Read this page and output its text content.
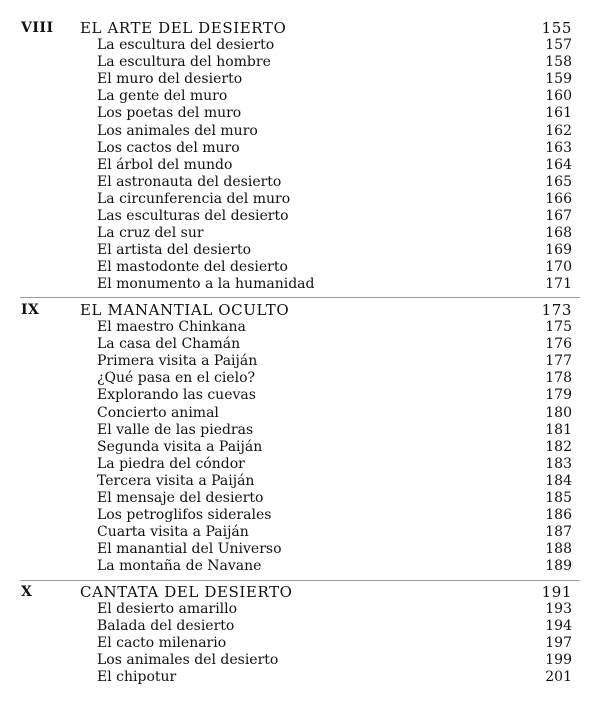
VIII EL ARTE DEL DESIERTO	155
La escultura del desierto	157
La escultura del hombre	158
El muro del desierto	159
La gente del muro	160
Los poetas del muro	161
Los animales del muro	162
Los cactos del muro	163
El árbol del mundo	164
El astronauta del desierto	165
La circunferencia del muro	166
Las esculturas del desierto	167
La cruz del sur	168
El artista del desierto	169
El mastodonte del desierto	170
El monumento a la humanidad	171
IX	EL MANANTIAL OCULTO	173
El maestro Chinkana	175
La casa del Chamán	176
Primera visita a Paiján	177
¿Qué pasa en el cielo?	178
Explorando las cuevas	179
Concierto animal	180
El valle de las piedras	181
Segunda visita a Paiján	182
La piedra del cóndor	183
Tercera visita a Paiján	184
El mensaje del desierto	185
Los petroglifos siderales	186
Cuarta visita a Paiján	187
El manantial del Universo	188
La montaña de Navane	189
X	CANTATA DEL DESIERTO	191
El desierto amarillo	193
Balada del desierto	194
El cacto milenario	197
Los animales del desierto	199
El chipotur	201
